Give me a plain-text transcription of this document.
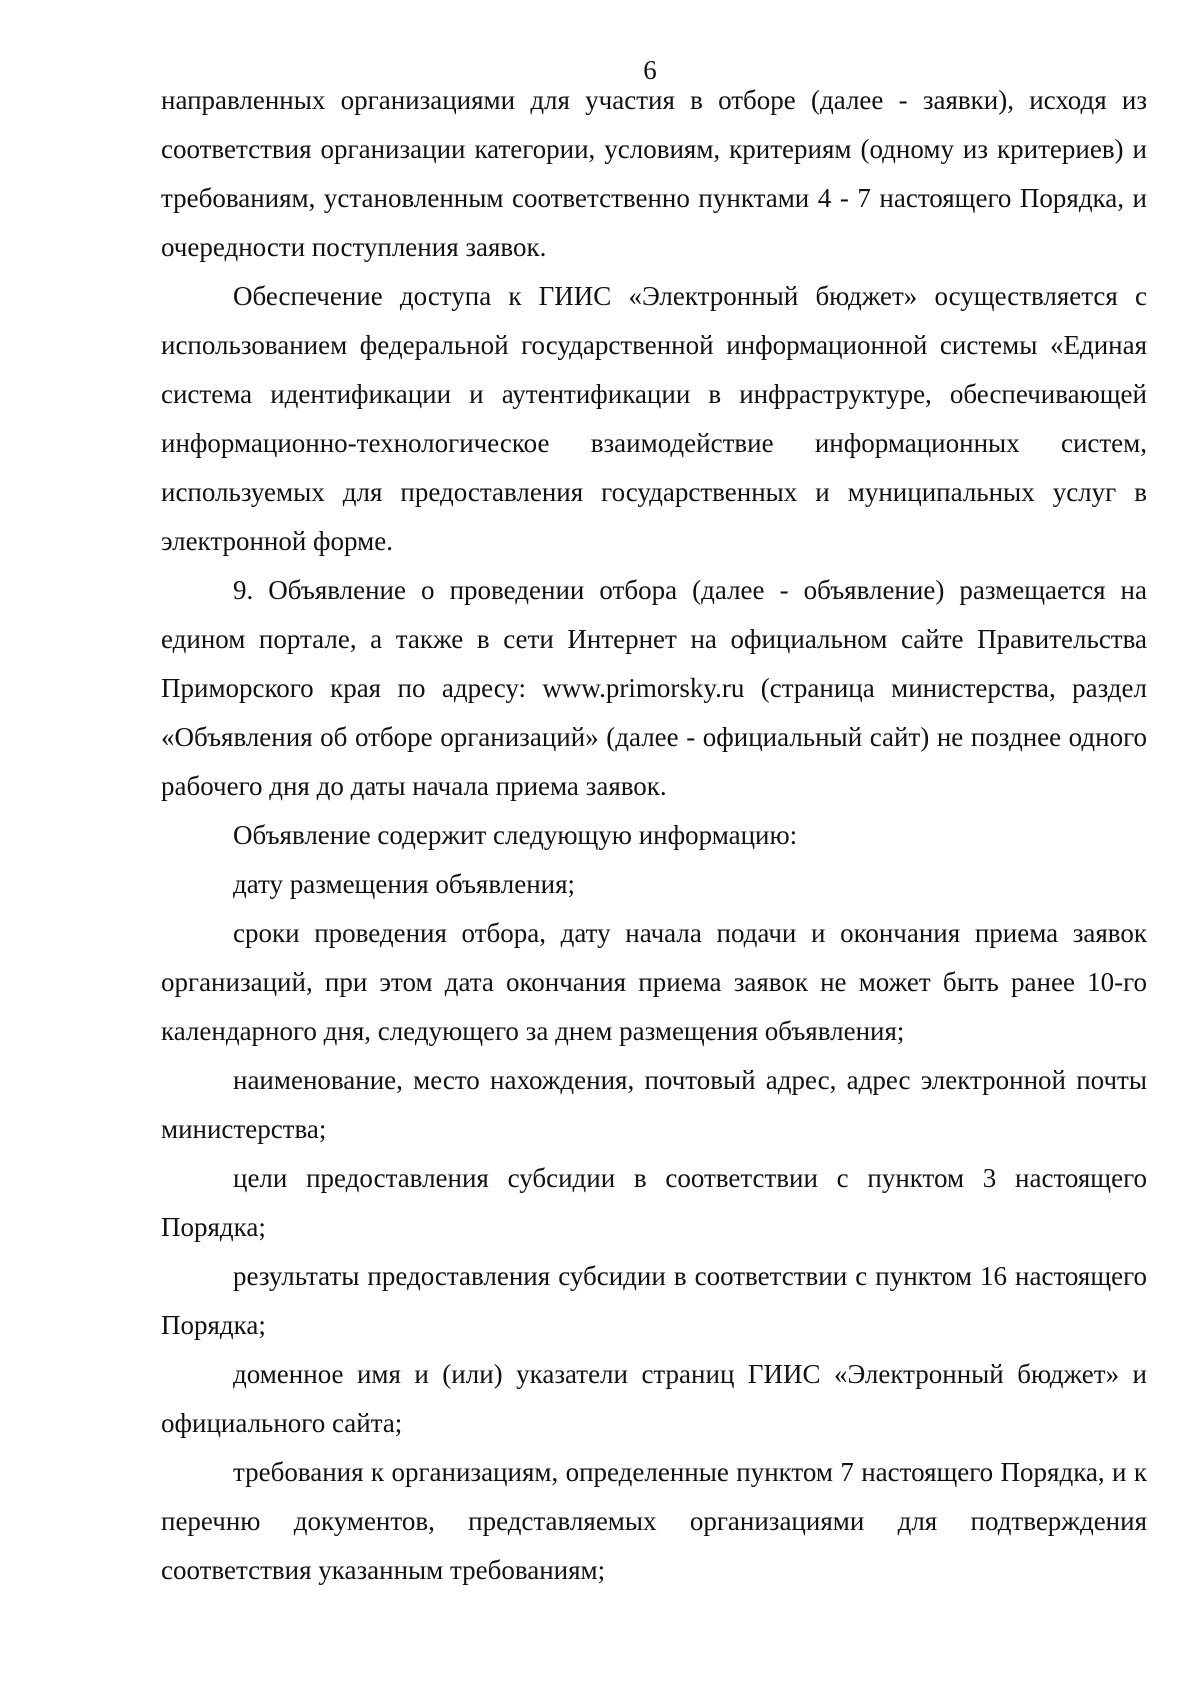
6

направленных организациями для участия в отборе (далее - заявки), исходя из соответствия организации категории, условиям, критериям (одному из критериев) и требованиям, установленным соответственно пунктами 4 - 7 настоящего Порядка, и очередности поступления заявок.

Обеспечение доступа к ГИИС «Электронный бюджет» осуществляется с использованием федеральной государственной информационной системы «Единая система идентификации и аутентификации в инфраструктуре, обеспечивающей информационно-технологическое взаимодействие информационных систем, используемых для предоставления государственных и муниципальных услуг в электронной форме.

9. Объявление о проведении отбора (далее - объявление) размещается на едином портале, а также в сети Интернет на официальном сайте Правительства Приморского края по адресу: www.primorsky.ru (страница министерства, раздел «Объявления об отборе организаций» (далее - официальный сайт) не позднее одного рабочего дня до даты начала приема заявок.

Объявление содержит следующую информацию:

дату размещения объявления;

сроки проведения отбора, дату начала подачи и окончания приема заявок организаций, при этом дата окончания приема заявок не может быть ранее 10-го календарного дня, следующего за днем размещения объявления;

наименование, место нахождения, почтовый адрес, адрес электронной почты министерства;

цели предоставления субсидии в соответствии с пунктом 3 настоящего Порядка;

результаты предоставления субсидии в соответствии с пунктом 16 настоящего Порядка;

доменное имя и (или) указатели страниц ГИИС «Электронный бюджет» и официального сайта;

требования к организациям, определенные пунктом 7 настоящего Порядка, и к перечню документов, представляемых организациями для подтверждения соответствия указанным требованиям;
